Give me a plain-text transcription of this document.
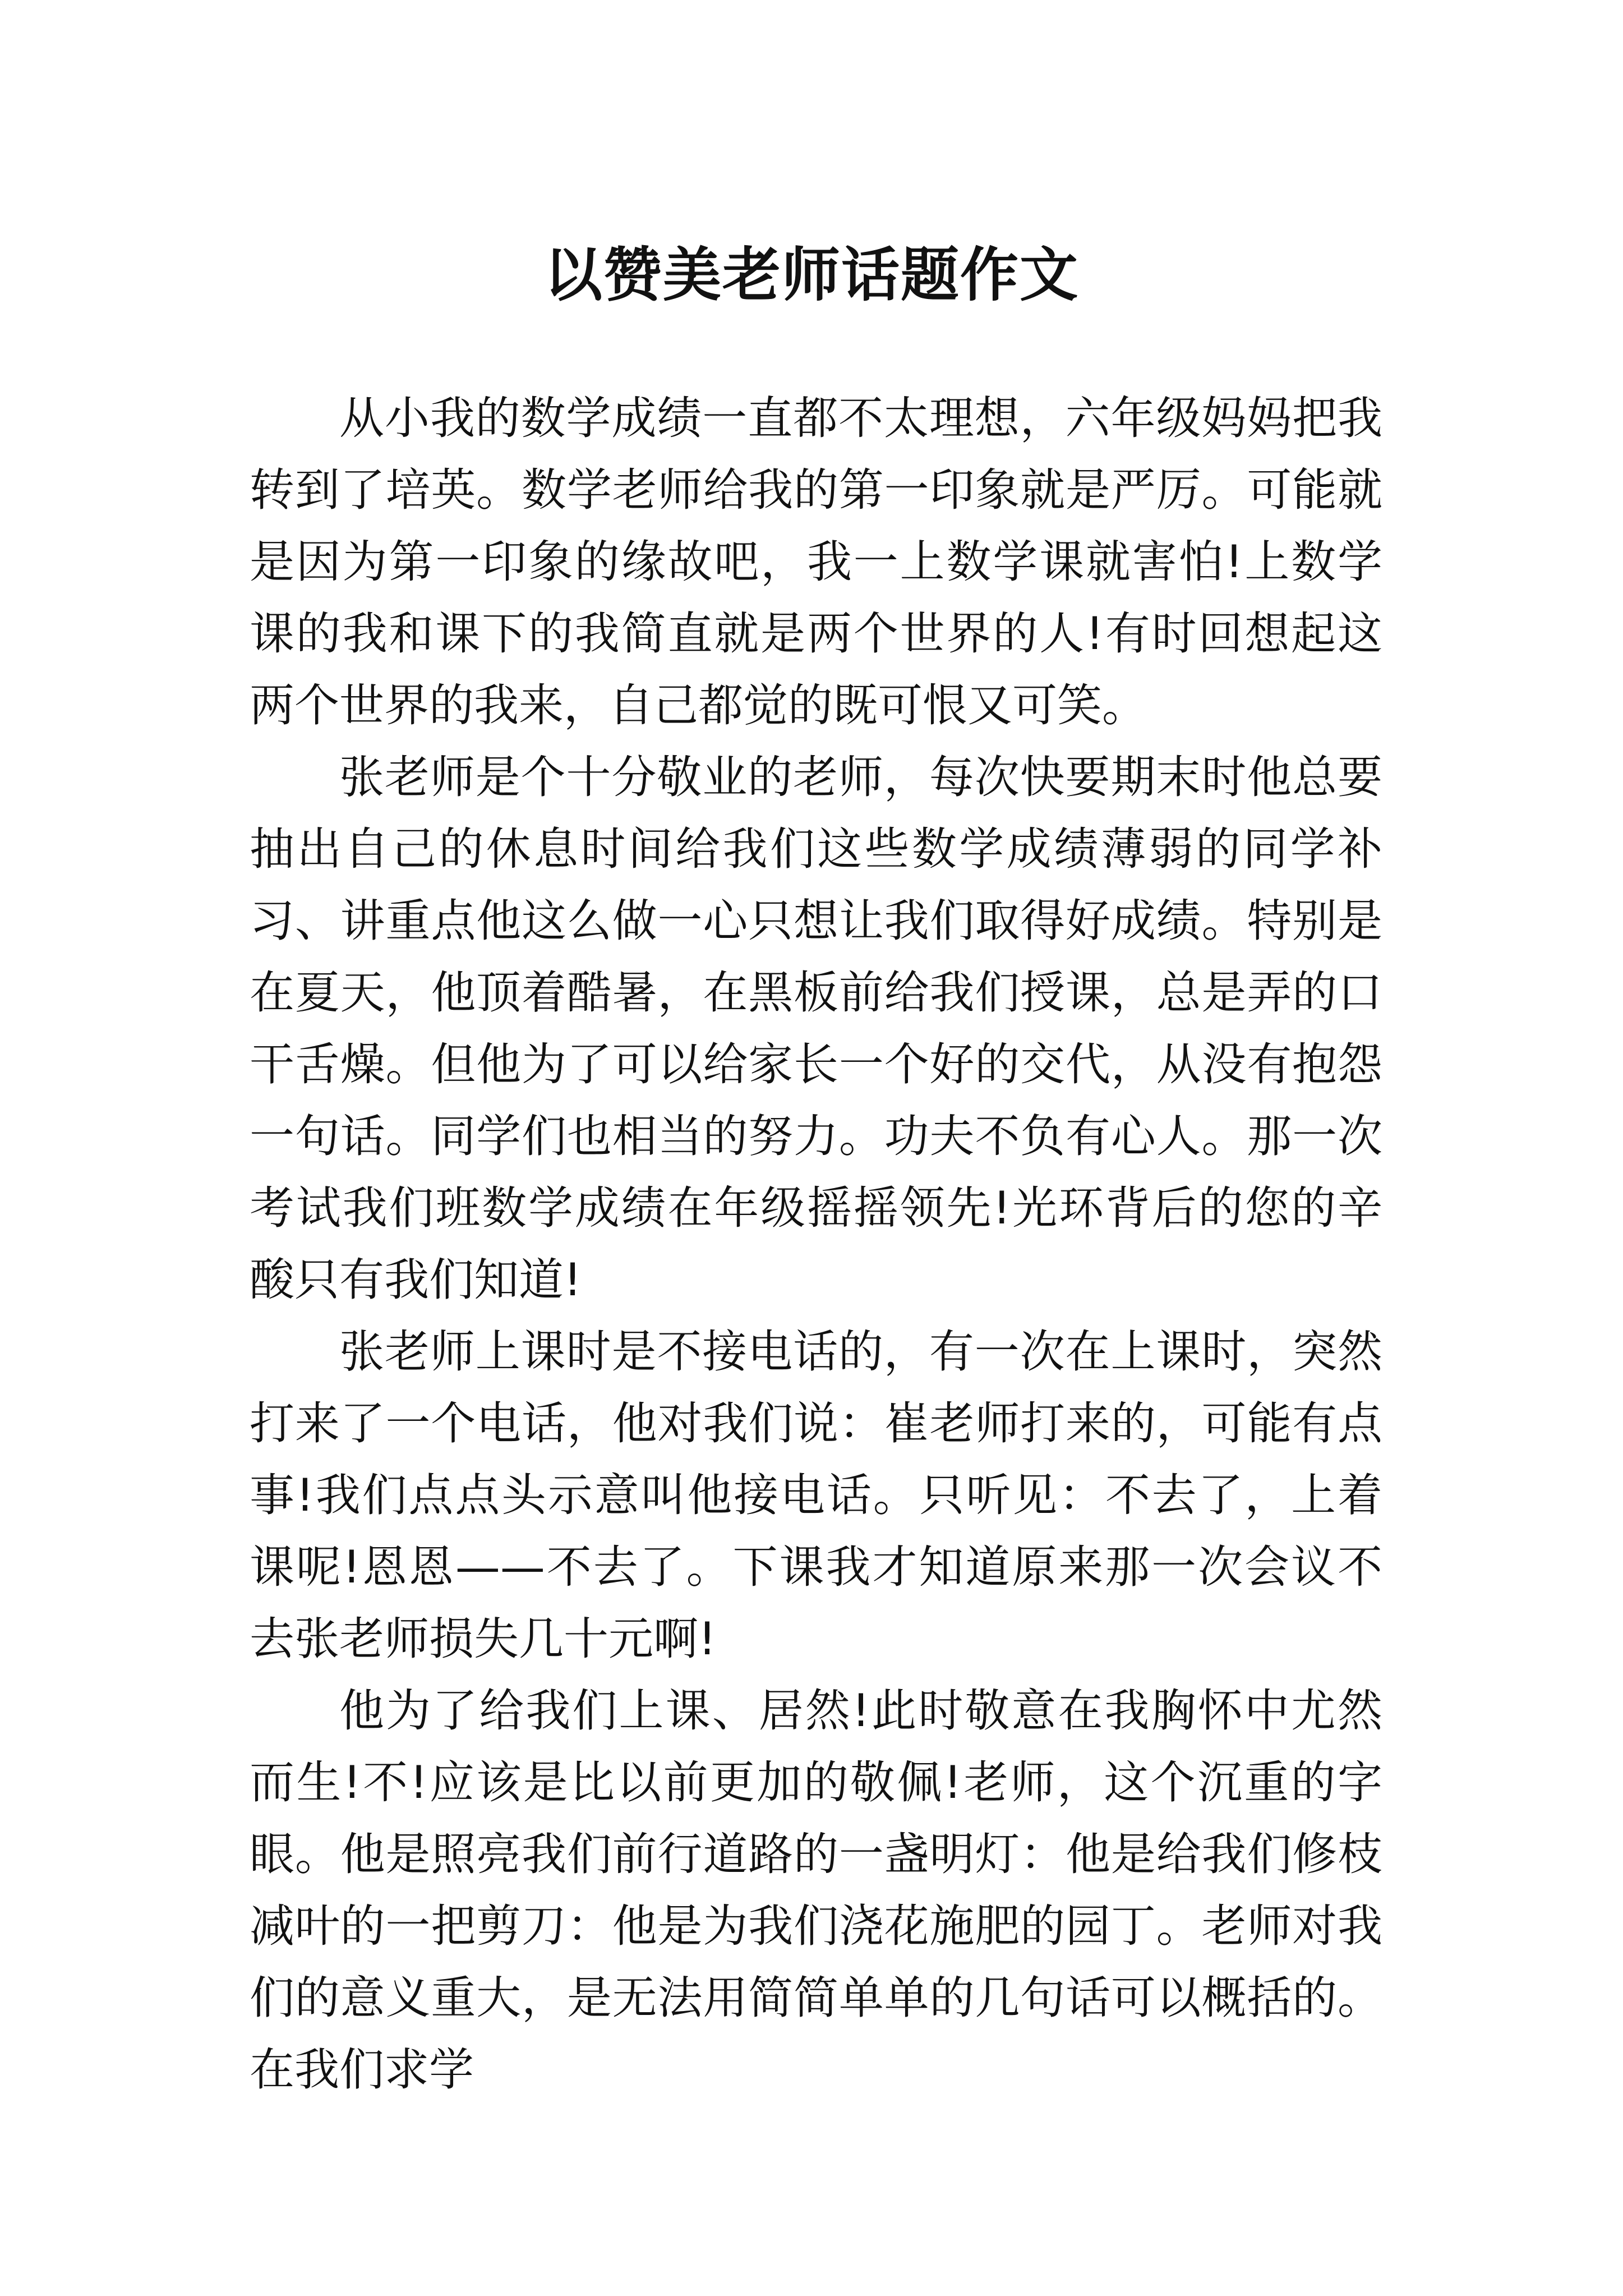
以赞美老师话题作文

从小我的数学成绩一直都不太理想，六年级妈妈把我转到了培英。数学老师给我的第一印象就是严厉。可能就是因为第一印象的缘故吧，我一上数学课就害怕!上数学课的我和课下的我简直就是两个世界的人!有时回想起这两个世界的我来，自己都觉的既可恨又可笑。

张老师是个十分敬业的老师，每次快要期末时他总要抽出自己的休息时间给我们这些数学成绩薄弱的同学补习、讲重点他这么做一心只想让我们取得好成绩。特别是在夏天，他顶着酷暑，在黑板前给我们授课，总是弄的口干舌燥。但他为了可以给家长一个好的交代，从没有抱怨一句话。同学们也相当的努力。功夫不负有心人。那一次考试我们班数学成绩在年级摇摇领先!光环背后的您的辛酸只有我们知道!

张老师上课时是不接电话的，有一次在上课时，突然打来了一个电话，他对我们说：崔老师打来的，可能有点事!我们点点头示意叫他接电话。只听见：不去了，上着课呢!恩恩——不去了。下课我才知道原来那一次会议不去张老师损失几十元啊!

他为了给我们上课、居然!此时敬意在我胸怀中尤然而生!不!应该是比以前更加的敬佩!老师，这个沉重的字眼。他是照亮我们前行道路的一盏明灯：他是给我们修枝减叶的一把剪刀：他是为我们浇花施肥的园丁。老师对我们的意义重大，是无法用简简单单的几句话可以概括的。在我们求学
